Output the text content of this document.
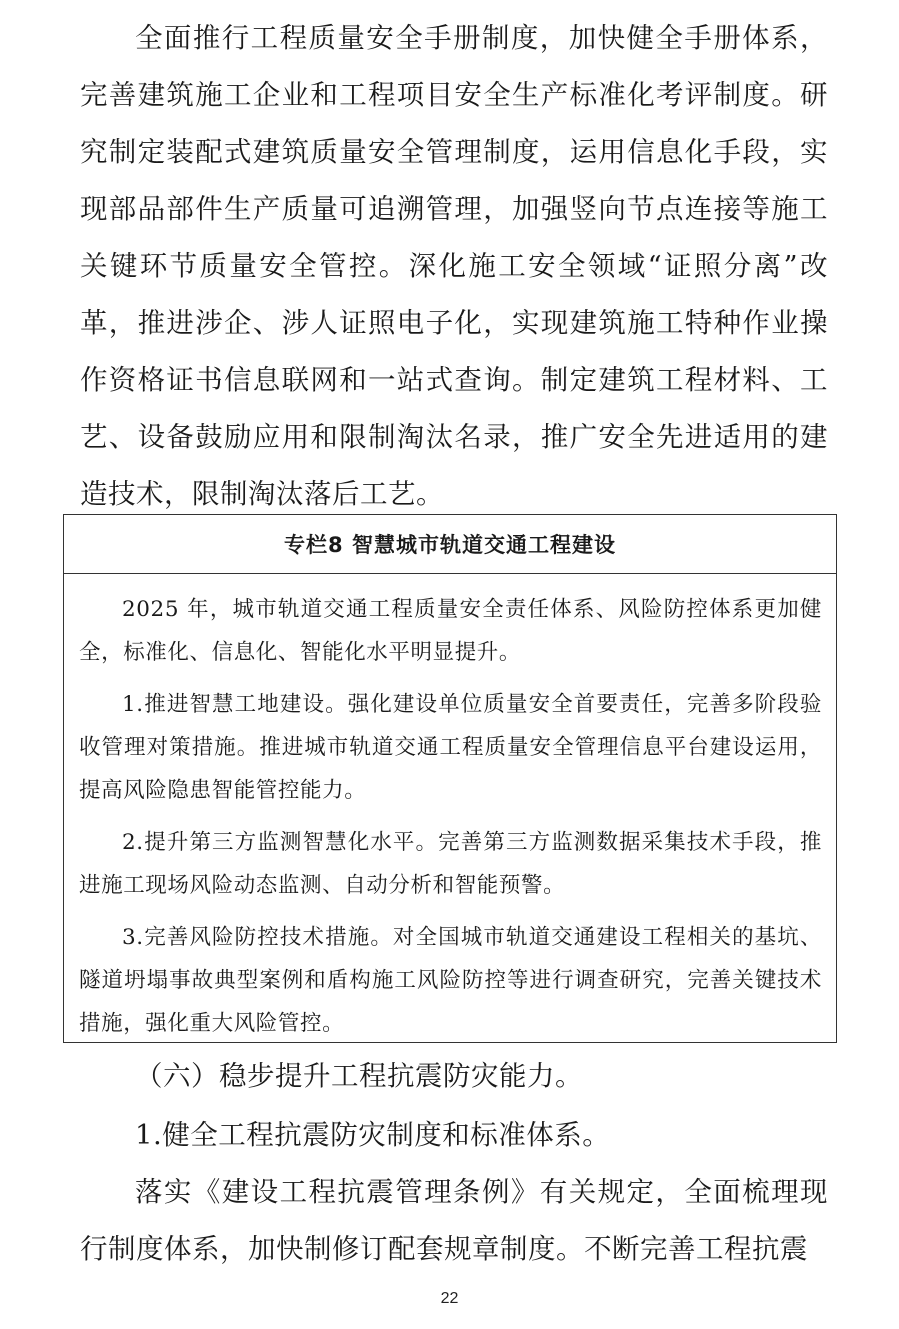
全面推行工程质量安全手册制度，加快健全手册体系，完善建筑施工企业和工程项目安全生产标准化考评制度。研究制定装配式建筑质量安全管理制度，运用信息化手段，实现部品部件生产质量可追溯管理，加强竖向节点连接等施工关键环节质量安全管控。深化施工安全领域“证照分离”改革，推进涉企、涉人证照电子化，实现建筑施工特种作业操作资格证书信息联网和一站式查询。制定建筑工程材料、工艺、设备鼓励应用和限制淘汰名录，推广安全先进适用的建造技术，限制淘汰落后工艺。

专栏8 智慧城市轨道交通工程建设

2025 年，城市轨道交通工程质量安全责任体系、风险防控体系更加健全，标准化、信息化、智能化水平明显提升。

1.推进智慧工地建设。强化建设单位质量安全首要责任，完善多阶段验收管理对策措施。推进城市轨道交通工程质量安全管理信息平台建设运用，提高风险隐患智能管控能力。

2.提升第三方监测智慧化水平。完善第三方监测数据采集技术手段，推进施工现场风险动态监测、自动分析和智能预警。

3.完善风险防控技术措施。对全国城市轨道交通建设工程相关的基坑、隧道坍塌事故典型案例和盾构施工风险防控等进行调查研究，完善关键技术措施，强化重大风险管控。

（六）稳步提升工程抗震防灾能力。

1.健全工程抗震防灾制度和标准体系。

落实《建设工程抗震管理条例》有关规定，全面梳理现行制度体系，加快制修订配套规章制度。不断完善工程抗震

22
